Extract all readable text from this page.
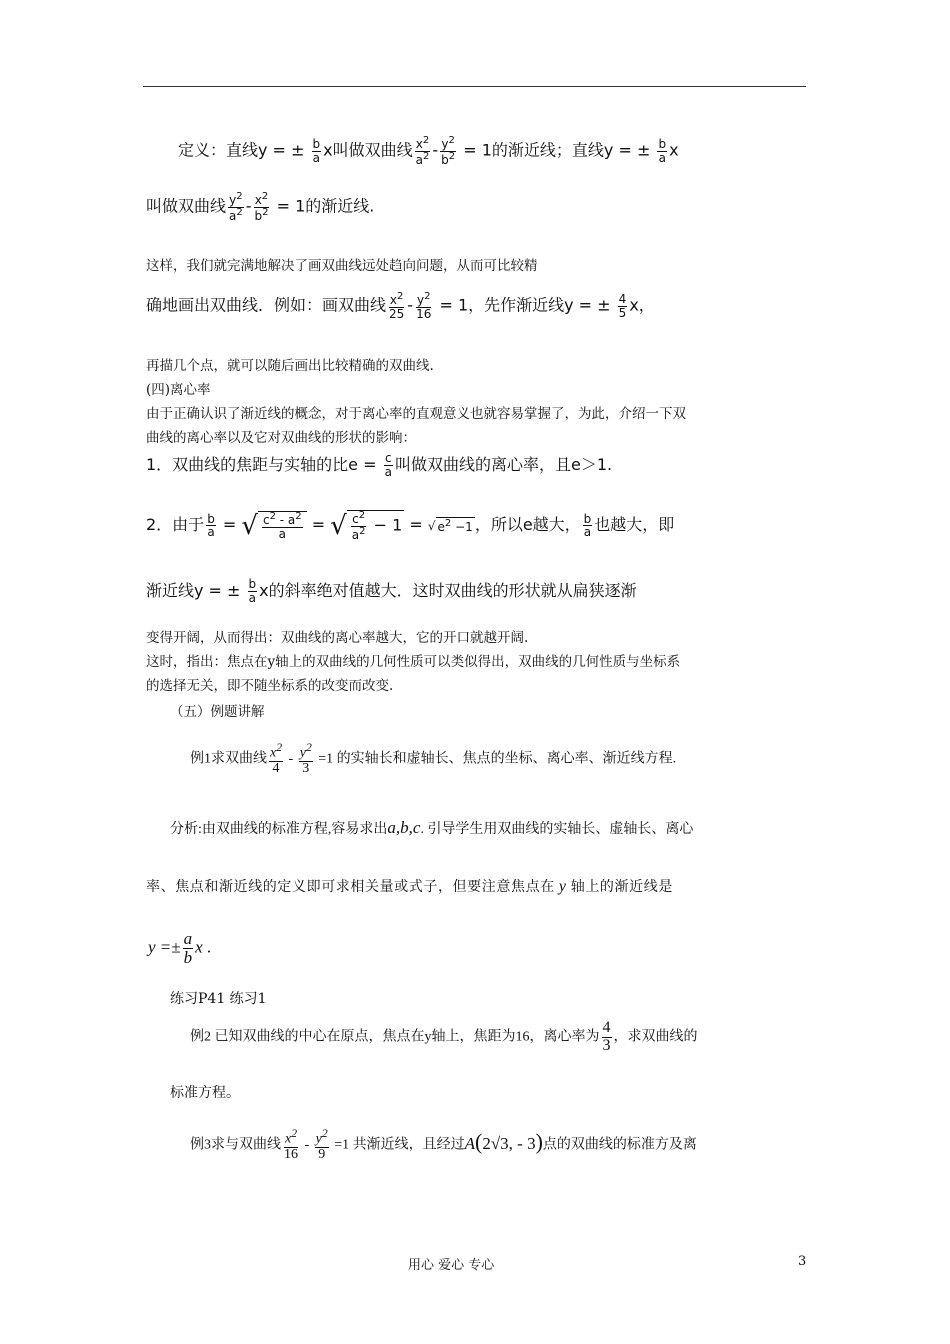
定义：直线y = ± $\frac{b}{a}$ x叫做双曲线 $\frac{x^2}{a^2} - \frac{y^2}{b^2} = 1$的渐近线；直线y = ± $\frac{b}{a}$ x
叫做双曲线 $\frac{y^2}{a^2} - \frac{x^2}{b^2} = 1$的渐近线.
这样，我们就完满地解决了画双曲线远处趋向问题，从而可比较精
确地画出双曲线．例如：画双曲线 $\frac{x^2}{25} - \frac{y^2}{16} = 1$，先作渐近线y = ± $\frac{4}{5}$ x，
再描几个点，就可以随后画出比较精确的双曲线.
(四)离心率
由于正确认识了渐近线的概念，对于离心率的直观意义也就容易掌握了，为此，介绍一下双
曲线的离心率以及它对双曲线的形状的影响：
1．双曲线的焦距与实轴的比$e = \frac{c}{a}$ 叫做双曲线的离心率，且e＞1.
2．由于 $\frac{b}{a}$ = √ $\frac{c^2 - a^2}{a}$ = √ $\frac{c^2}{a^2} - 1$ = √ $e^2 -1$ ，所以e越大， $\frac{b}{a}$ 也越大，即
渐近线y = ± $\frac{b}{a}$ x的斜率绝对值越大．这时双曲线的形状就从扁狭逐渐
变得开阔，从而得出：双曲线的离心率越大，它的开口就越开阔.
这时，指出：焦点在y轴上的双曲线的几何性质可以类似得出，双曲线的几何性质与坐标系
的选择无关，即不随坐标系的改变而改变.
（五）例题讲解
例1求双曲线 $\frac{x^2}{4} - \frac{y^2}{3} =1$ 的实轴长和虚轴长、焦点的坐标、离心率、渐近线方程.
分析:由双曲线的标准方程,容易求出a,b,c. 引导学生用双曲线的实轴长、虚轴长、离心
率、焦点和渐近线的定义即可求相关量或式子，但要注意焦点在 y 轴上的渐近线是
$y =\pm \frac{a}{b}$ x .
练习P41 练习1
例2 已知双曲线的中心在原点，焦点在y轴上，焦距为16，离心率为 $\frac{4}{3}$ ，求双曲线的
标准方程。
例3求与双曲线 $\frac{x^2}{16} - \frac{y^2}{9} =1$ 共渐近线，且经过A(2√3, - 3)点的双曲线的标准方及离
用心 爱心 专心	3
